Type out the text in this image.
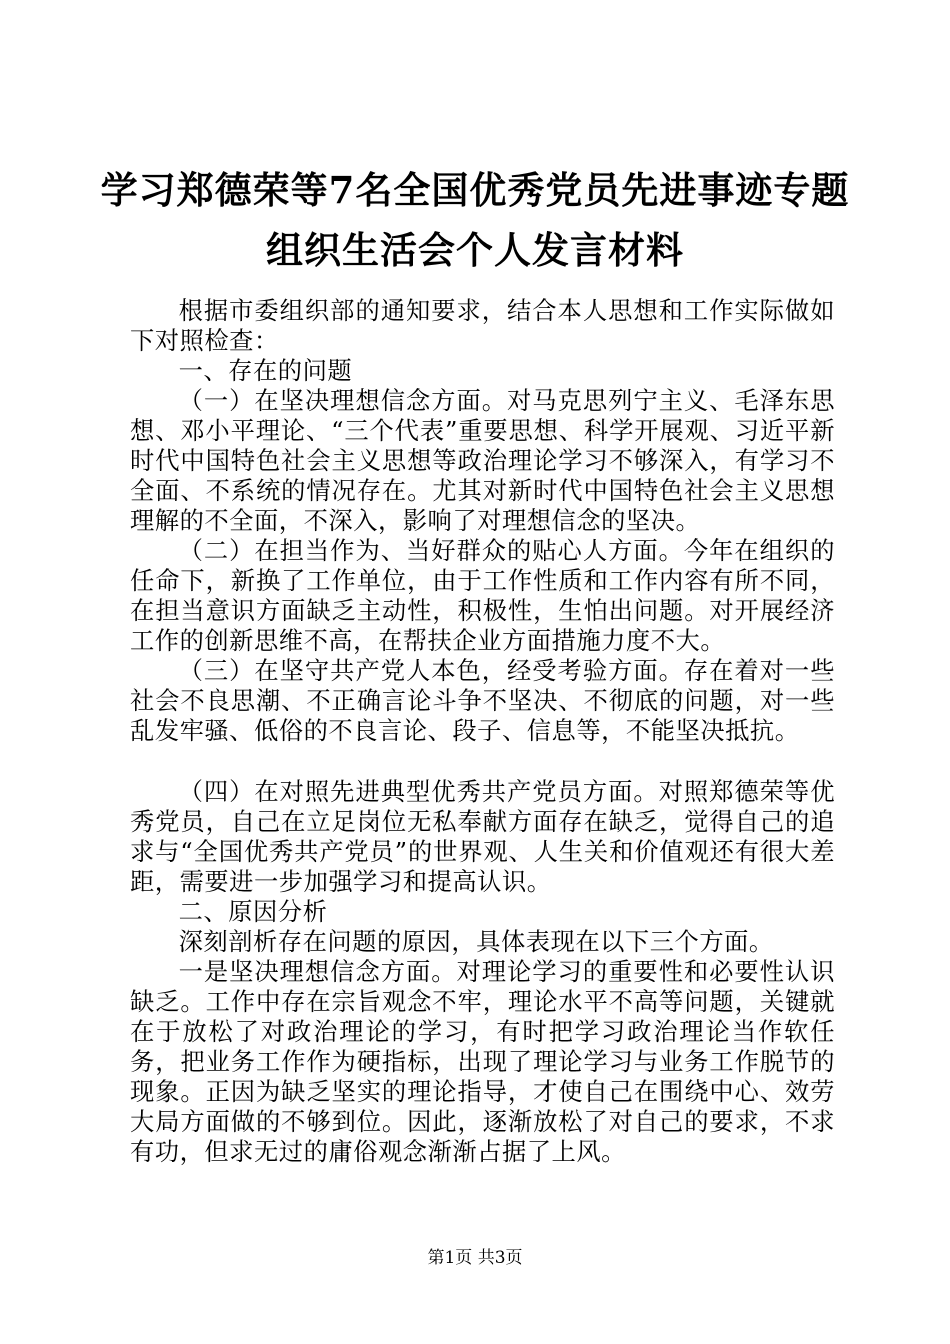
学习郑德荣等7名全国优秀党员先进事迹专题
组织生活会个人发言材料

根据市委组织部的通知要求，结合本人思想和工作实际做如下对照检查：

一、存在的问题

（一）在坚决理想信念方面。对马克思列宁主义、毛泽东思想、邓小平理论、“三个代表”重要思想、科学开展观、习近平新时代中国特色社会主义思想等政治理论学习不够深入，有学习不全面、不系统的情况存在。尤其对新时代中国特色社会主义思想理解的不全面，不深入，影响了对理想信念的坚决。

（二）在担当作为、当好群众的贴心人方面。今年在组织的任命下，新换了工作单位，由于工作性质和工作内容有所不同，在担当意识方面缺乏主动性，积极性，生怕出问题。对开展经济工作的创新思维不高，在帮扶企业方面措施力度不大。

（三）在坚守共产党人本色，经受考验方面。存在着对一些社会不良思潮、不正确言论斗争不坚决、不彻底的问题，对一些乱发牢骚、低俗的不良言论、段子、信息等，不能坚决抵抗。

（四）在对照先进典型优秀共产党员方面。对照郑德荣等优秀党员，自己在立足岗位无私奉献方面存在缺乏，觉得自己的追求与“全国优秀共产党员”的世界观、人生关和价值观还有很大差距，需要进一步加强学习和提高认识。

二、原因分析

深刻剖析存在问题的原因，具体表现在以下三个方面。

一是坚决理想信念方面。对理论学习的重要性和必要性认识缺乏。工作中存在宗旨观念不牢，理论水平不高等问题，关键就在于放松了对政治理论的学习，有时把学习政治理论当作软任务，把业务工作作为硬指标，出现了理论学习与业务工作脱节的现象。正因为缺乏坚实的理论指导，才使自己在围绕中心、效劳大局方面做的不够到位。因此，逐渐放松了对自己的要求，不求有功，但求无过的庸俗观念渐渐占据了上风。

第1页 共3页
